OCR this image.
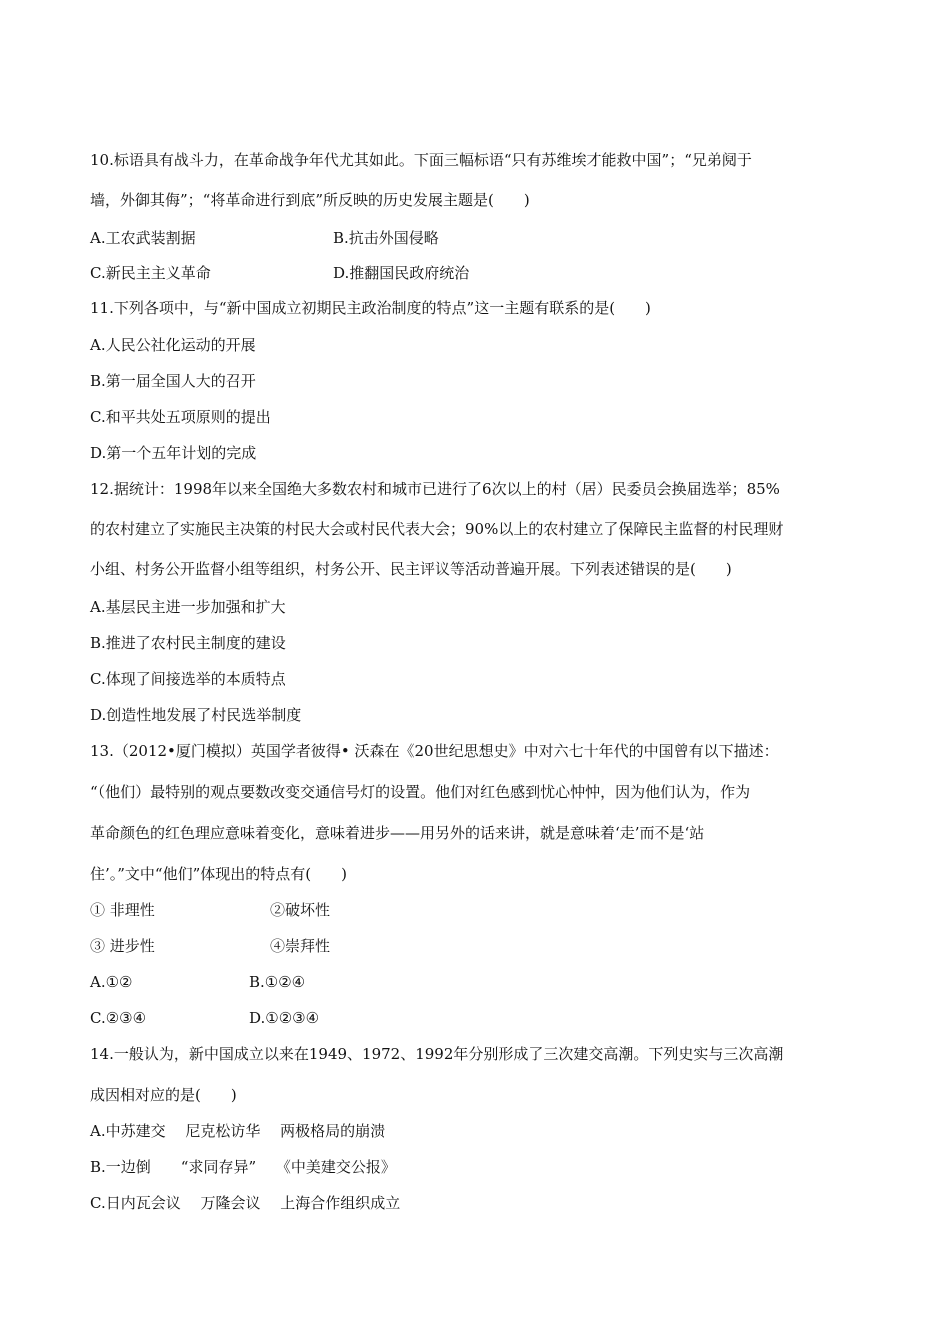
10.标语具有战斗力，在革命战争年代尤其如此。下面三幅标语“只有苏维埃才能救中国”；“兄弟阋于
墙，外御其侮”；“将革命进行到底”所反映的历史发展主题是(　　)
A.工农武装割据	B.抗击外国侵略
C.新民主主义革命	D.推翻国民政府统治
11.下列各项中，与“新中国成立初期民主政治制度的特点”这一主题有联系的是(　　)
A.人民公社化运动的开展
B.第一届全国人大的召开
C.和平共处五项原则的提出
D.第一个五年计划的完成
12.据统计：1998年以来全国绝大多数农村和城市已进行了6次以上的村（居）民委员会换届选举；85%
的农村建立了实施民主决策的村民大会或村民代表大会；90%以上的农村建立了保障民主监督的村民理财
小组、村务公开监督小组等组织，村务公开、民主评议等活动普遍开展。下列表述错误的是(　　)
A.基层民主进一步加强和扩大
B.推进了农村民主制度的建设
C.体现了间接选举的本质特点
D.创造性地发展了村民选举制度
13.（2012•厦门模拟）英国学者彼得• 沃森在《20世纪思想史》中对六七十年代的中国曾有以下描述：
“（他们）最特别的观点要数改变交通信号灯的设置。他们对红色感到忧心忡忡，因为他们认为，作为
革命颜色的红色理应意味着变化，意味着进步——用另外的话来讲，就是意味着‘走’而不是‘站
住’。”文中“他们”体现出的特点有(　　)
① 非理性	②破坏性
③ 进步性	④崇拜性
A.①②	B.①②④
C.②③④	D.①②③④
14.一般认为，新中国成立以来在1949、1972、1992年分别形成了三次建交高潮。下列史实与三次高潮
成因相对应的是(　　)
A.中苏建交　 尼克松访华　 两极格局的崩溃
B.一边倒　　“求同存异”　 《中美建交公报》
C.日内瓦会议　 万隆会议　 上海合作组织成立
